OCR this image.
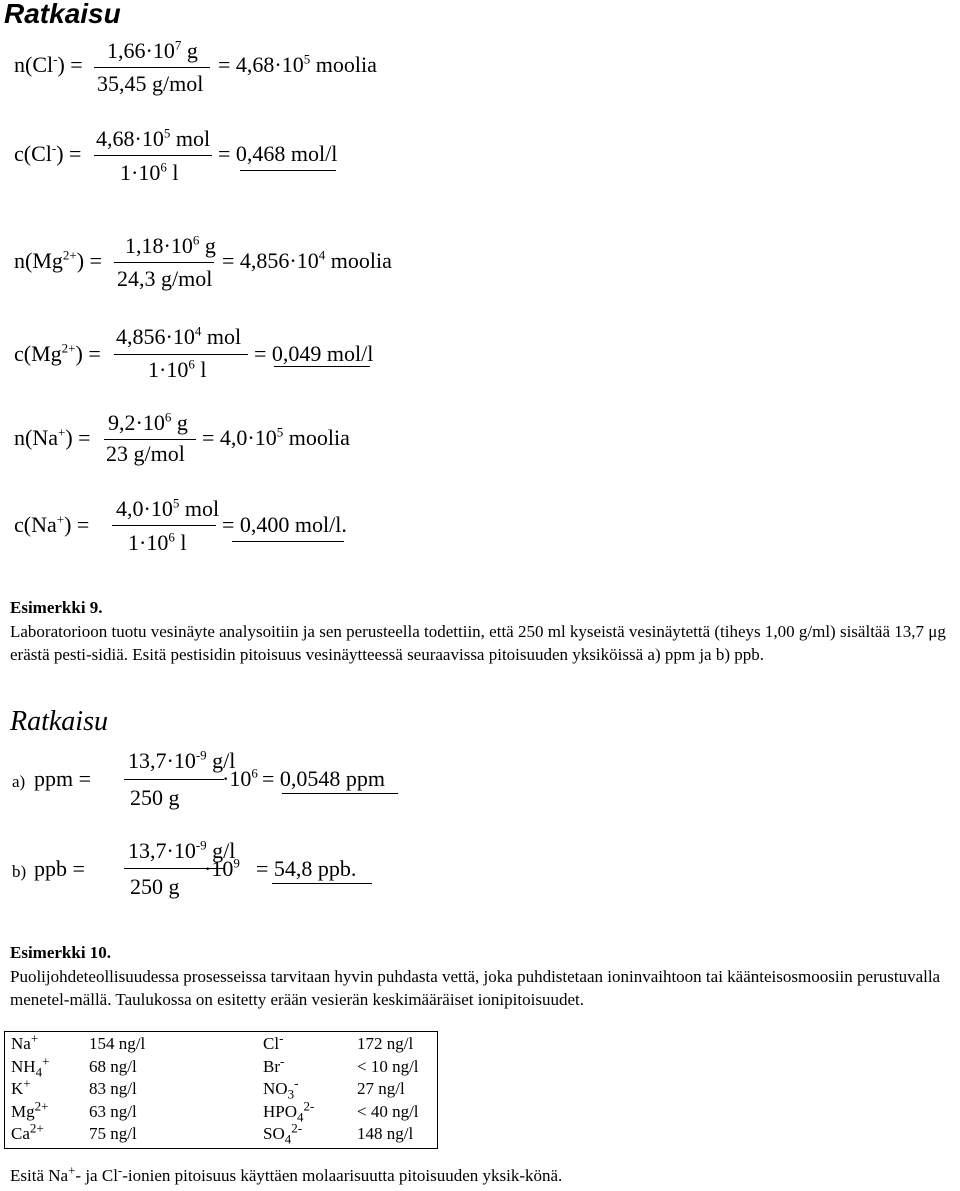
Ratkaisu
n(Cl-) =
$1,66\cdot 10^7$ g
35,45 g/mol
= $4,68\cdot 10^5$ moolia
c(Cl-) =
$4,68\cdot 10^5$ mol
$1\cdot 10^6$ l
= 0,468 mol/l
$n(Mg^{2+})$ =
$1,18\cdot 10^6$ g
24,3 g/mol
= $4,856\cdot 10^4$ moolia
$c(Mg^{2+})$ =
$4,856\cdot 10^4$ mol
$1\cdot 10^6$ l
= 0,049 mol/l
n(Na+) =
$9,2\cdot 10^6$ g
23 g/mol
= $4,0\cdot 10^5$ moolia
c(Na+) =
$4,0\cdot 10^5$ mol
$1\cdot 10^6$ l
= 0,400 mol/l.
Esimerkki 9.
Laboratorioon tuotu vesinäyte analysoitiin ja sen perusteella todettiin, että 250 ml kyseistä vesinäytettä (tiheys 1,00 g/ml) sisältää 13,7 μg erästä pesti-sidiä. Esitä pestisidin pitoisuus vesinäytteessä seuraavissa pitoisuuden yksiköissä a) ppm ja b) ppb.
Ratkaisu
a) ppm =
$13,7\cdot 10^{-9}$ g/l
250 g
$\cdot 10^6 = 0,0548$ ppm
b) ppb =
$13,7\cdot 10^{-9}$ g/l
250 g
$\cdot 10^9 = 54,8$ ppb.
Esimerkki 10.
Puolijohdeteollisuudessa prosesseissa tarvitaan hyvin puhdasta vettä, joka puhdistetaan ioninvaihtoon tai käänteisosmoosiin perustuvalla menetel-mällä. Taulukossa on esitetty erään vesierän keskimääräiset ionipitoisuudet.
Na+	154 ng/l	Cl-	172 ng/l
$NH_4^+$ 68 ng/l	Br-	< 10 ng/l
K+	83 ng/l	$NO_3^-$	27 ng/l
$Mg^{2+}$ 63 ng/l	$HPO_4^{2-}$	< 40 ng/l
$Ca^{2+}$	75 ng/l	$SO_4^{2-}$	148 ng/l
Esitä Na+- ja Cl--ionien pitoisuus käyttäen molaarisuutta pitoisuuden yksik-könä.
